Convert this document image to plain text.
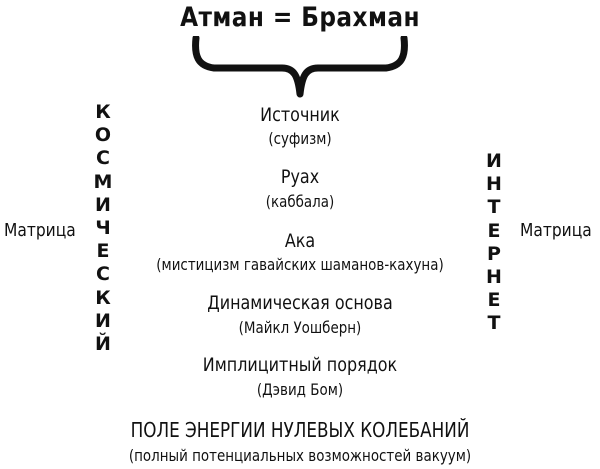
Атман = Брахман
Источник
(суфизм)
Руах
(каббала)
Ака
(мистицизм гавайских шаманов-кахуна)
Динамическая основа
(Майкл Уошберн)
Имплицитный порядок
(Дэвид Бом)
ПОЛЕ ЭНЕРГИИ НУЛЕВЫХ КОЛЕБАНИЙ
(полный потенциальных возможностей вакуум)
Матрица
К
О
С
М
И
Ч
Е
С
К
И
Й
И
Н
Т
Е
Р
Н
Е
Т
Матрица
